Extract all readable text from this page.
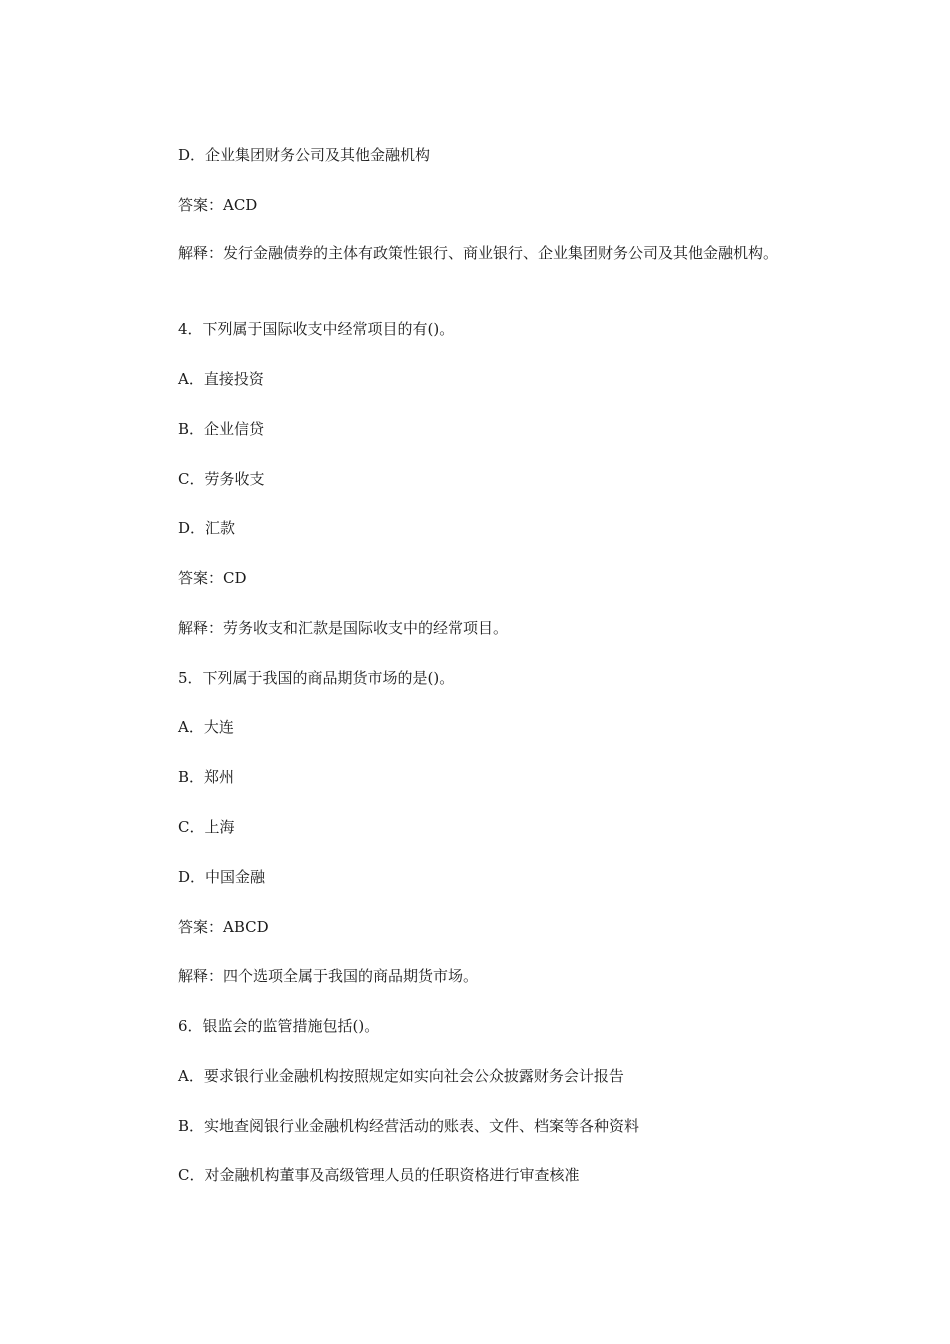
D．企业集团财务公司及其他金融机构
答案：ACD
解释：发行金融债券的主体有政策性银行、商业银行、企业集团财务公司及其他金融机构。
4．下列属于国际收支中经常项目的有()。
A．直接投资
B．企业信贷
C．劳务收支
D．汇款
答案：CD
解释：劳务收支和汇款是国际收支中的经常项目。
5．下列属于我国的商品期货市场的是()。
A．大连
B．郑州
C．上海
D．中国金融
答案：ABCD
解释：四个选项全属于我国的商品期货市场。
6．银监会的监管措施包括()。
A．要求银行业金融机构按照规定如实向社会公众披露财务会计报告
B．实地查阅银行业金融机构经营活动的账表、文件、档案等各种资料
C．对金融机构董事及高级管理人员的任职资格进行审查核准
